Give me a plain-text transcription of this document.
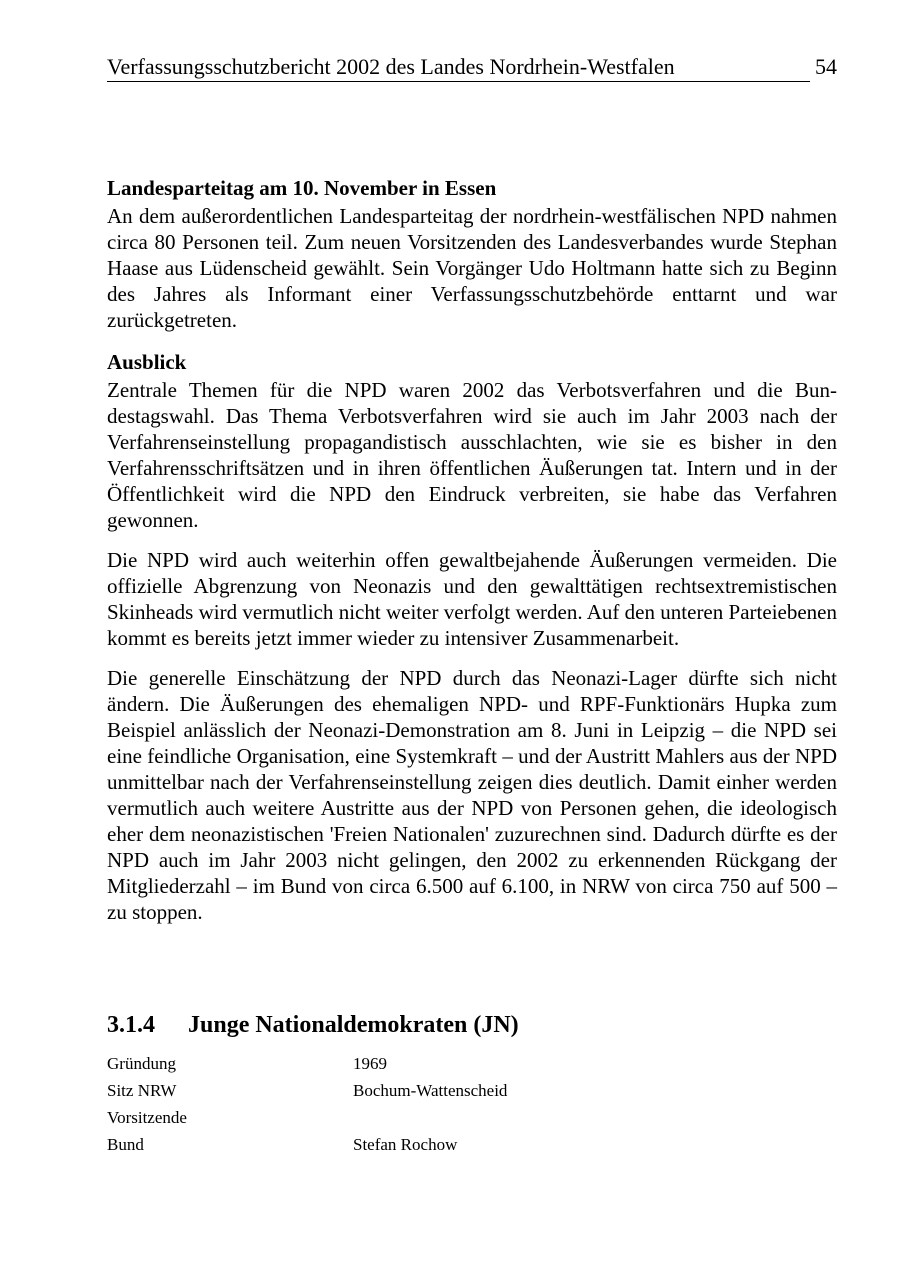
Verfassungsschutzbericht 2002 des Landes Nordrhein-Westfalen	54
Landesparteitag am 10. November in Essen

An dem außerordentlichen Landesparteitag der nordrhein-westfälischen NPD nahmen circa 80 Personen teil. Zum neuen Vorsitzenden des Landesverbandes wurde Stephan Haase aus Lüdenscheid gewählt. Sein Vorgänger Udo Holtmann hatte sich zu Beginn des Jahres als Informant einer Verfassungsschutzbehörde enttarnt und war zurückgetreten.

Ausblick

Zentrale Themen für die NPD waren 2002 das Verbotsverfahren und die Bundestagswahl. Das Thema Verbotsverfahren wird sie auch im Jahr 2003 nach der Verfahrenseinstellung propagandistisch ausschlachten, wie sie es bisher in den Verfahrensschriftsätzen und in ihren öffentlichen Äußerungen tat. Intern und in der Öffentlichkeit wird die NPD den Eindruck verbreiten, sie habe das Verfahren gewonnen.

Die NPD wird auch weiterhin offen gewaltbejahende Äußerungen vermeiden. Die offizielle Abgrenzung von Neonazis und den gewalttätigen rechtsextremistischen Skinheads wird vermutlich nicht weiter verfolgt werden. Auf den unteren Parteiebenen kommt es bereits jetzt immer wieder zu intensiver Zusammenarbeit.

Die generelle Einschätzung der NPD durch das Neonazi-Lager dürfte sich nicht ändern. Die Äußerungen des ehemaligen NPD- und RPF-Funktionärs Hupka zum Beispiel anlässlich der Neonazi-Demonstration am 8. Juni in Leipzig – die NPD sei eine feindliche Organisation, eine Systemkraft – und der Austritt Mahlers aus der NPD unmittelbar nach der Verfahrenseinstellung zeigen dies deutlich. Damit einher werden vermutlich auch weitere Austritte aus der NPD von Personen gehen, die ideologisch eher dem neonazistischen 'Freien Nationalen' zuzurechnen sind. Dadurch dürfte es der NPD auch im Jahr 2003 nicht gelingen, den 2002 zu erkennenden Rückgang der Mitgliederzahl – im Bund von circa 6.500 auf 6.100, in NRW von circa 750 auf 500 – zu stoppen.

3.1.4 Junge Nationaldemokraten (JN)
Gründung	1969
Sitz NRW	Bochum-Wattenscheid
Vorsitzende	
Bund	Stefan Rochow
